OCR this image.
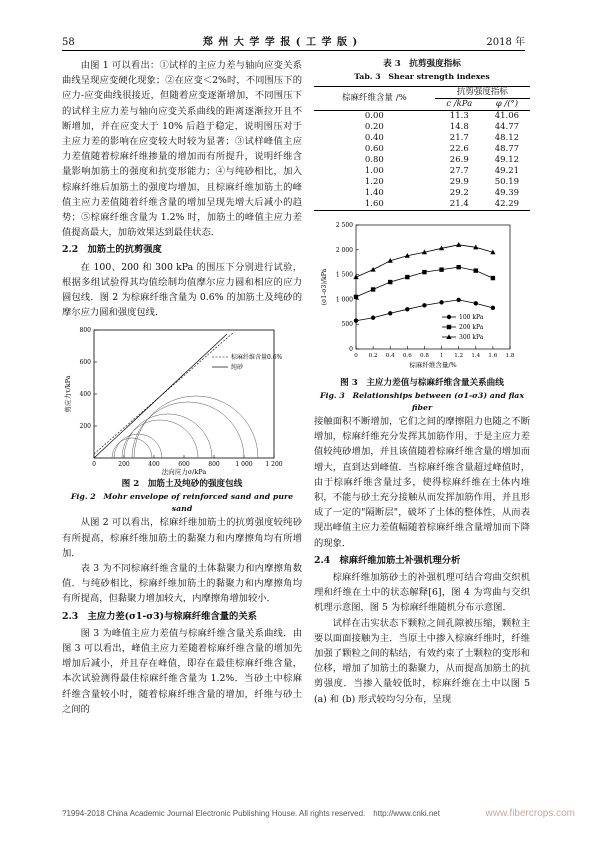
58	郑 州 大 学 学 报 ( 工 学 版 )	2018 年

由图 1 可以看出：①试样的主应力差与轴向应变关系曲线呈现应变硬化现象；②在应变＜2%时，不同围压下的应力-应变曲线很接近，但随着应变逐渐增加，不同围压下的试样主应力差与轴向应变关系曲线的距离逐渐拉开且不断增加，并在应变大于 10% 后趋于稳定，说明围压对于主应力差的影响在应变较大时较为显著；③试样峰值主应力差值随着棕麻纤维掺量的增加而有所提升，说明纤维含量影响加筋土的强度和抗变形能力；④与纯砂相比，加入棕麻纤维后加筋土的强度均增加，且棕麻纤维加筋土的峰值主应力差值随着纤维含量的增加呈现先增大后减小的趋势；⑤棕麻纤维含量为 1.2% 时，加筋土的峰值主应力差值提高最大，加筋效果达到最佳状态．

2.2　加筋土的抗剪强度

在 100、200 和 300 kPa 的围压下分别进行试验，根据多组试验得其均值绘制均值摩尔应力圆和相应的应力圆包线．图 2 为棕麻纤维含量为 0.6% 的加筋土及纯砂的摩尔应力圆和强度包线．

800
600
400
200
0	200	400	600	800	1 000 1 200
棕麻纤维含量0.6%
纯砂
剪应力τ/kPa
法向应力σ/kPa

图 2　加筋土及纯砂的强度包线

Fig. 2　Mohr envelope of reinforced sand and pure sand

从图 2 可以看出，棕麻纤维加筋土的抗剪强度较纯砂有所提高，棕麻纤维加筋土的黏聚力和内摩擦角均有所增加．

表 3 为不同棕麻纤维含量的土体黏聚力和内摩擦角数值．与纯砂相比，棕麻纤维加筋土的黏聚力和内摩擦角均有所提高，但黏聚力增加较大，内摩擦角增加较小．

2.3　主应力差(σ1-σ3)与棕麻纤维含量的关系

图 3 为峰值主应力差值与棕麻纤维含量关系曲线．由图 3 可以看出，峰值主应力差随着棕麻纤维含量的增加先增加后减小，并且存在峰值，即存在最佳棕麻纤维含量，本次试验测得最佳棕麻纤维含量为 1.2%．当砂土中棕麻纤维含量较小时，随着棕麻纤维含量的增加，纤维与砂土之间的

表 3　抗剪强度指标

Tab. 3　Shear strength indexes

棕麻纤维含量 /%	抗剪强度指标	
	c /kPa	φ /(°)
0.00	11.3	41.06
0.20	14.8	44.77
0.40	21.7	48.12
0.60	22.6	48.77
0.80	26.9	49.12
1.00	27.7	49.21
1.20	29.9	50.19
1.40	29.2	49.39
1.60	21.4	42.29
0
500
1 000
1 500
2 000
2 500
0 0.2 0.4 0.6 0.8 1 1.2 1.4 1.6 1.8
(σ1-σ3)/kPa
棕麻纤维含量/%
100 kPa
200 kPa
300 kPa

图 3　主应力差值与棕麻纤维含量关系曲线

Fig. 3　Relationships between (σ1-σ3) and flax fiber

接触面积不断增加，它们之间的摩擦阻力也随之不断增加，棕麻纤维充分发挥其加筋作用，于是主应力差值较纯砂增加，并且该值随着棕麻纤维含量的增加而增大，直到达到峰值．当棕麻纤维含量超过峰值时，由于棕麻纤维含量过多，使得棕麻纤维在土体内堆积，不能与砂土充分接触从而发挥加筋作用，并且形成了一定的"隔断层"，破坏了土体的整体性，从而表现出峰值主应力差值幅随着棕麻纤维含量增加而下降的现象．

2.4　棕麻纤维加筋土补强机理分析

棕麻纤维加筋砂土的补强机理可结合弯曲交织机理和纤维在土中的状态解释[6]，图 4 为弯曲与交织机理示意图，图 5 为棕麻纤维随机分布示意图．

试样在击实状态下颗粒之间孔隙被压缩，颗粒主要以面面接触为主．当原土中掺入棕麻纤维时，纤维加强了颗粒之间的粘结，有效约束了土颗粒的变形和位移，增加了加筋土的黏聚力，从而提高加筋土的抗剪强度．当掺入量较低时，棕麻纤维在土中以图 5 (a) 和 (b) 形式较均匀分布，呈现

?1994-2018 China Academic Journal Electronic Publishing House. All rights reserved.　http://www.cnki.net	www.fibercrops.com
